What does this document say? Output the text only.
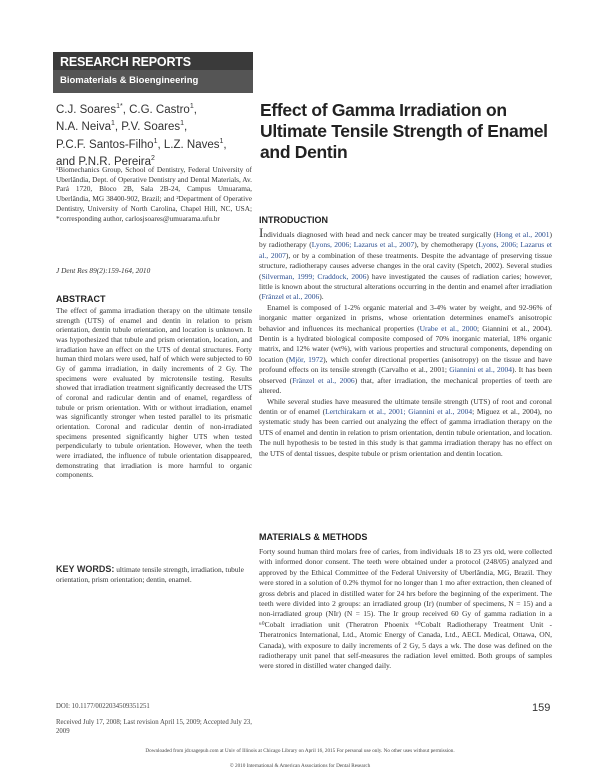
RESEARCH REPORTS
Biomaterials & Bioengineering
C.J. Soares$^{1*}$, C.G. Castro$^1$,
N.A. Neiva$^1$, P.V. Soares$^1$,
P.C.F. Santos-Filho$^1$, L.Z. Naves$^1$,
and P.N.R. Pereira$^2$
¹Biomechanics Group, School of Dentistry, Federal University of Uberlândia, Dept. of Operative Dentistry and Dental Materials, Av. Pará 1720, Bloco 2B, Sala 2B-24, Campus Umuarama, Uberlândia, MG 38400-902, Brazil; and ²Department of Operative Dentistry, University of North Carolina, Chapel Hill, NC, USA; *corresponding author, carlosjsoares@umuarama.ufu.br
J Dent Res 89(2):159-164, 2010
ABSTRACT
The effect of gamma irradiation therapy on the ultimate tensile strength (UTS) of enamel and dentin in relation to prism orientation, dentin tubule orientation, and location is unknown. It was hypothesized that tubule and prism orientation, location, and irradiation have an effect on the UTS of dental structures. Forty human third molars were used, half of which were subjected to 60 Gy of gamma irradiation, in daily increments of 2 Gy. The specimens were evaluated by microtensile testing. Results showed that irradiation treatment significantly decreased the UTS of coronal and radicular dentin and of enamel, regardless of tubule or prism orientation. With or without irradiation, enamel was significantly stronger when tested parallel to its prismatic orientation. Coronal and radicular dentin of non-irradiated specimens presented significantly higher UTS when tested perpendicularly to tubule orientation. However, when the teeth were irradiated, the influence of tubule orientation disappeared, demonstrating that irradiation is more harmful to organic components.
KEY WORDS: ultimate tensile strength, irradiation, tubule orientation, prism orientation; dentin, enamel.
DOI: 10.1177/0022034509351251
Received July 17, 2008; Last revision April 15, 2009; Accepted July 23, 2009
Effect of Gamma Irradiation on Ultimate Tensile Strength of Enamel and Dentin
INTRODUCTION

Individuals diagnosed with head and neck cancer may be treated surgically (Hong et al., 2001) by radiotherapy (Lyons, 2006; Lazarus et al., 2007), by chemotherapy (Lyons, 2006; Lazarus et al., 2007), or by a combination of these treatments. Despite the advantage of preserving tissue structure, radiotherapy causes adverse changes in the oral cavity (Spetch, 2002). Several studies (Silverman, 1999; Craddock, 2006) have investigated the causes of radiation caries; however, little is known about the structural alterations occurring in the dentin and enamel after irradiation (Fränzel et al., 2006).

Enamel is composed of 1-2% organic material and 3-4% water by weight, and 92-96% of inorganic matter organized in prisms, whose orientation determines enamel's anisotropic behavior and influences its mechanical properties (Urabe et al., 2000; Giannini et al., 2004). Dentin is a hydrated biological composite composed of 70% inorganic material, 18% organic matrix, and 12% water (wt%), with various properties and structural components, depending on location (Mjör, 1972), which confer directional properties (anisotropy) on the tissue and have profound effects on its tensile strength (Carvalho et al., 2001; Giannini et al., 2004). It has been observed (Fränzel et al., 2006) that, after irradiation, the mechanical properties of teeth are altered.

While several studies have measured the ultimate tensile strength (UTS) of root and coronal dentin or of enamel (Lertchirakarn et al., 2001; Giannini et al., 2004; Miguez et al., 2004), no systematic study has been carried out analyzing the effect of gamma irradiation therapy on the UTS of enamel and dentin in relation to prism orientation, dentin tubule orientation, and location. The null hypothesis to be tested in this study is that gamma irradiation therapy has no effect on the UTS of dental tissues, despite tubule or prism orientation and dentin location.

MATERIALS & METHODS
Forty sound human third molars free of caries, from individuals 18 to 23 yrs old, were collected with informed donor consent. The teeth were obtained under a protocol (248/05) analyzed and approved by the Ethical Committee of the Federal University of Uberlândia, MG, Brazil. They were stored in a solution of 0.2% thymol for no longer than 1 mo after extraction, then cleaned of gross debris and placed in distilled water for 24 hrs before the beginning of the experiment. The teeth were divided into 2 groups: an irradiated group (Ir) (number of specimens, N = 15) and a non-irradiated group (NIr) (N = 15). The Ir group received 60 Gy of gamma radiation in a ⁶⁰Cobalt irradiation unit (Theratron Phoenix ⁶⁰Cobalt Radiotherapy Treatment Unit - Theratronics International, Ltd., Atomic Energy of Canada, Ltd., AECL Medical, Ottawa, ON, Canada), with exposure to daily increments of 2 Gy, 5 days a wk. The dose was defined on the radiotherapy unit panel that self-measures the radiation level emitted. Both groups of samples were stored in distilled water changed daily.
159
Downloaded from jdr.sagepub.com at Univ of Illinois at Chicago Library on April 16, 2015 For personal use only. No other uses without permission.
© 2010 International & American Associations for Dental Research
